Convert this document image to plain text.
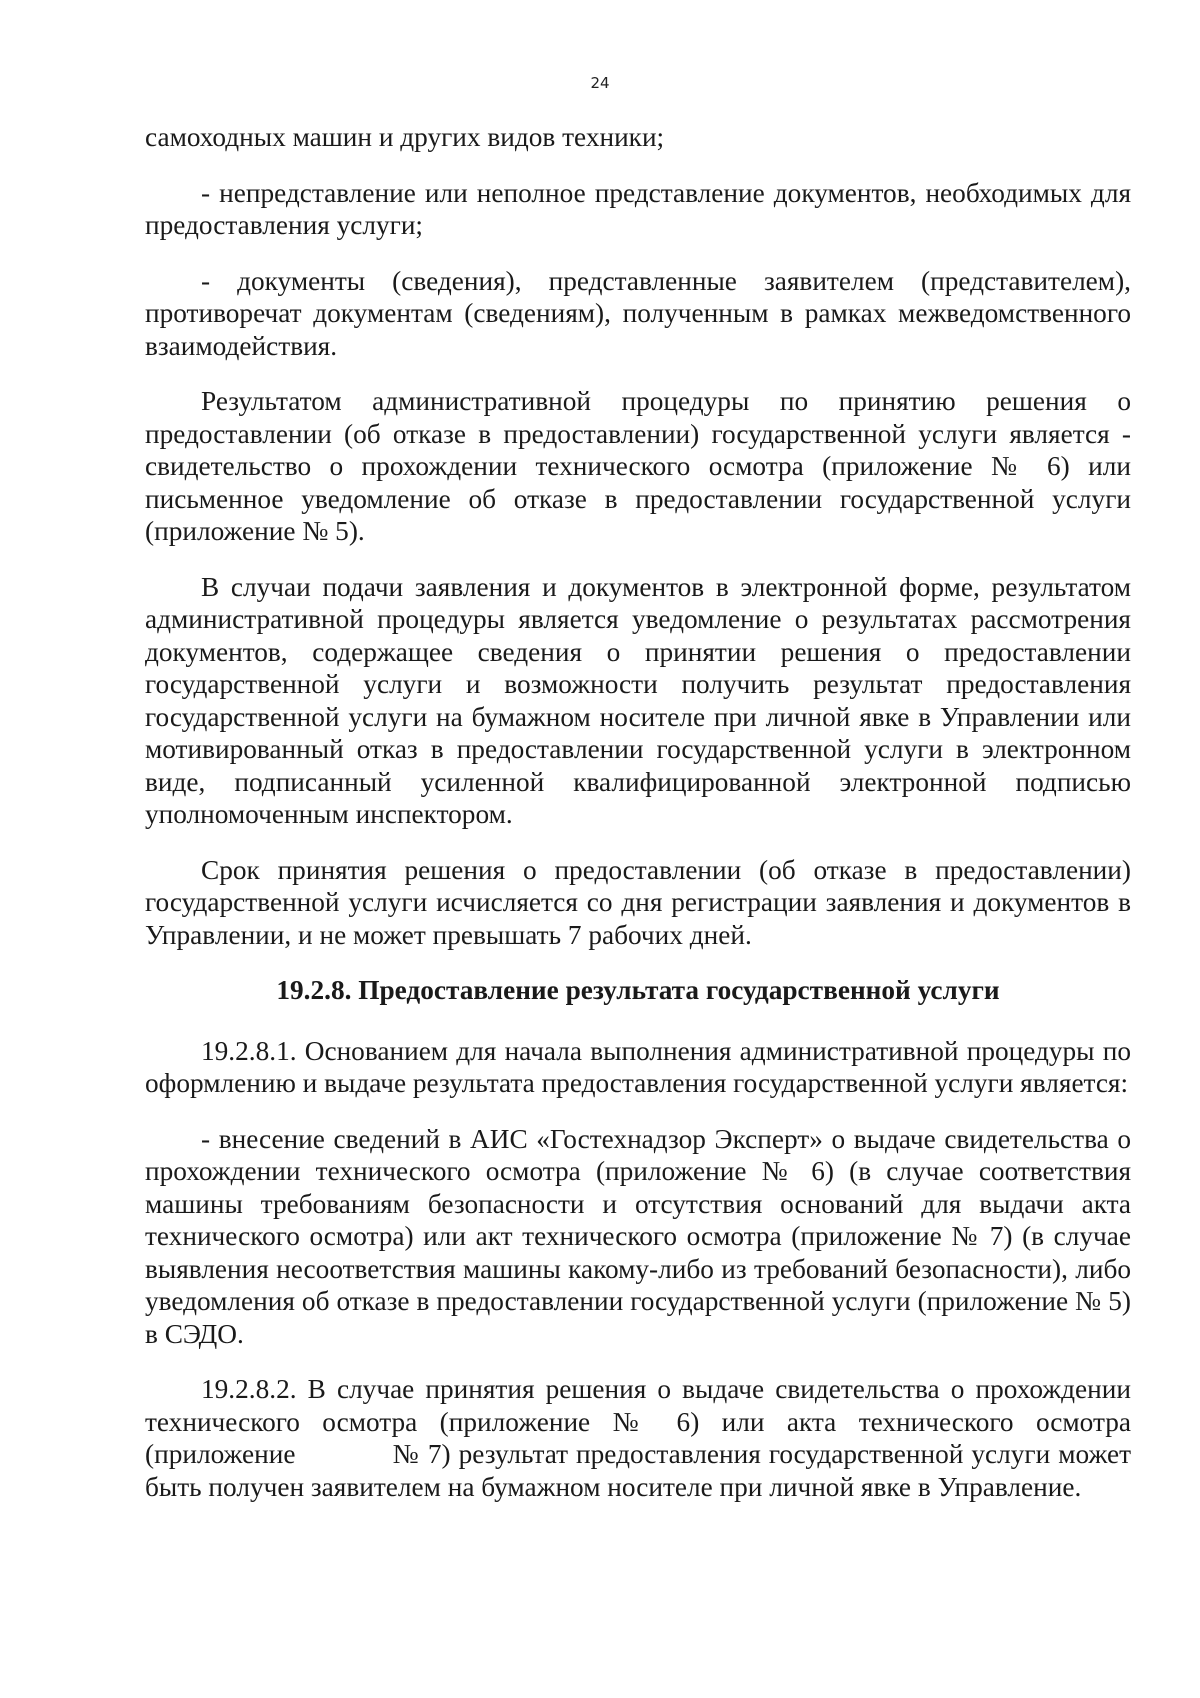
24

самоходных машин и других видов техники;

- непредставление или неполное представление документов, необходимых для предоставления услуги;

- документы (сведения), представленные заявителем (представителем), противоречат документам (сведениям), полученным в рамках межведомственного взаимодействия.

Результатом административной процедуры по принятию решения о предоставлении (об отказе в предоставлении) государственной услуги является - свидетельство о прохождении технического осмотра (приложение № 6) или письменное уведомление об отказе в предоставлении государственной услуги (приложение № 5).

В случаи подачи заявления и документов в электронной форме, результатом административной процедуры является уведомление о результатах рассмотрения документов, содержащее сведения о принятии решения о предоставлении государственной услуги и возможности получить результат предоставления государственной услуги на бумажном носителе при личной явке в Управлении или мотивированный отказ в предоставлении государственной услуги в электронном виде, подписанный усиленной квалифицированной электронной подписью уполномоченным инспектором.

Срок принятия решения о предоставлении (об отказе в предоставлении) государственной услуги исчисляется со дня регистрации заявления и документов в Управлении, и не может превышать 7 рабочих дней.

19.2.8. Предоставление результата государственной услуги

19.2.8.1. Основанием для начала выполнения административной процедуры по оформлению и выдаче результата предоставления государственной услуги является:

- внесение сведений в АИС «Гостехнадзор Эксперт» о выдаче свидетельства о прохождении технического осмотра (приложение № 6) (в случае соответствия машины требованиям безопасности и отсутствия оснований для выдачи акта технического осмотра) или акт технического осмотра (приложение № 7) (в случае выявления несоответствия машины какому-либо из требований безопасности), либо уведомления об отказе в предоставлении государственной услуги (приложение № 5) в СЭДО.

19.2.8.2. В случае принятия решения о выдаче свидетельства о прохождении технического осмотра (приложение № 6) или акта технического осмотра (приложение	№ 7) результат предоставления государственной услуги может быть получен заявителем на бумажном носителе при личной явке в Управление.
